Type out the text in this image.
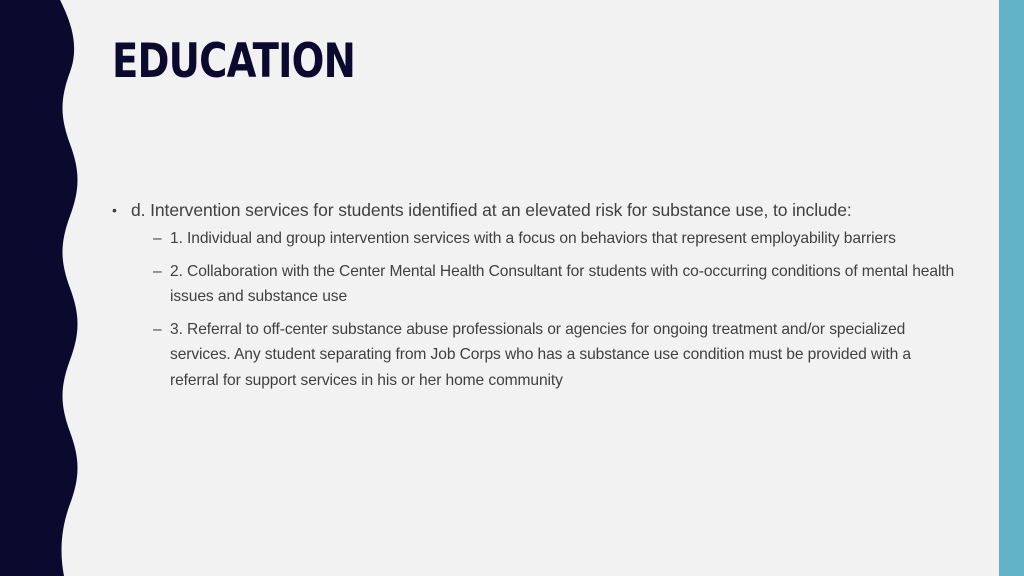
EDUCATION
• d. Intervention services for students identified at an elevated risk for substance use, to include:
– 1. Individual and group intervention services with a focus on behaviors that represent employability barriers
– 2. Collaboration with the Center Mental Health Consultant for students with co-occurring conditions of mental health issues and substance use
– 3. Referral to off-center substance abuse professionals or agencies for ongoing treatment and/or specialized services. Any student separating from Job Corps who has a substance use condition must be provided with a referral for support services in his or her home community
